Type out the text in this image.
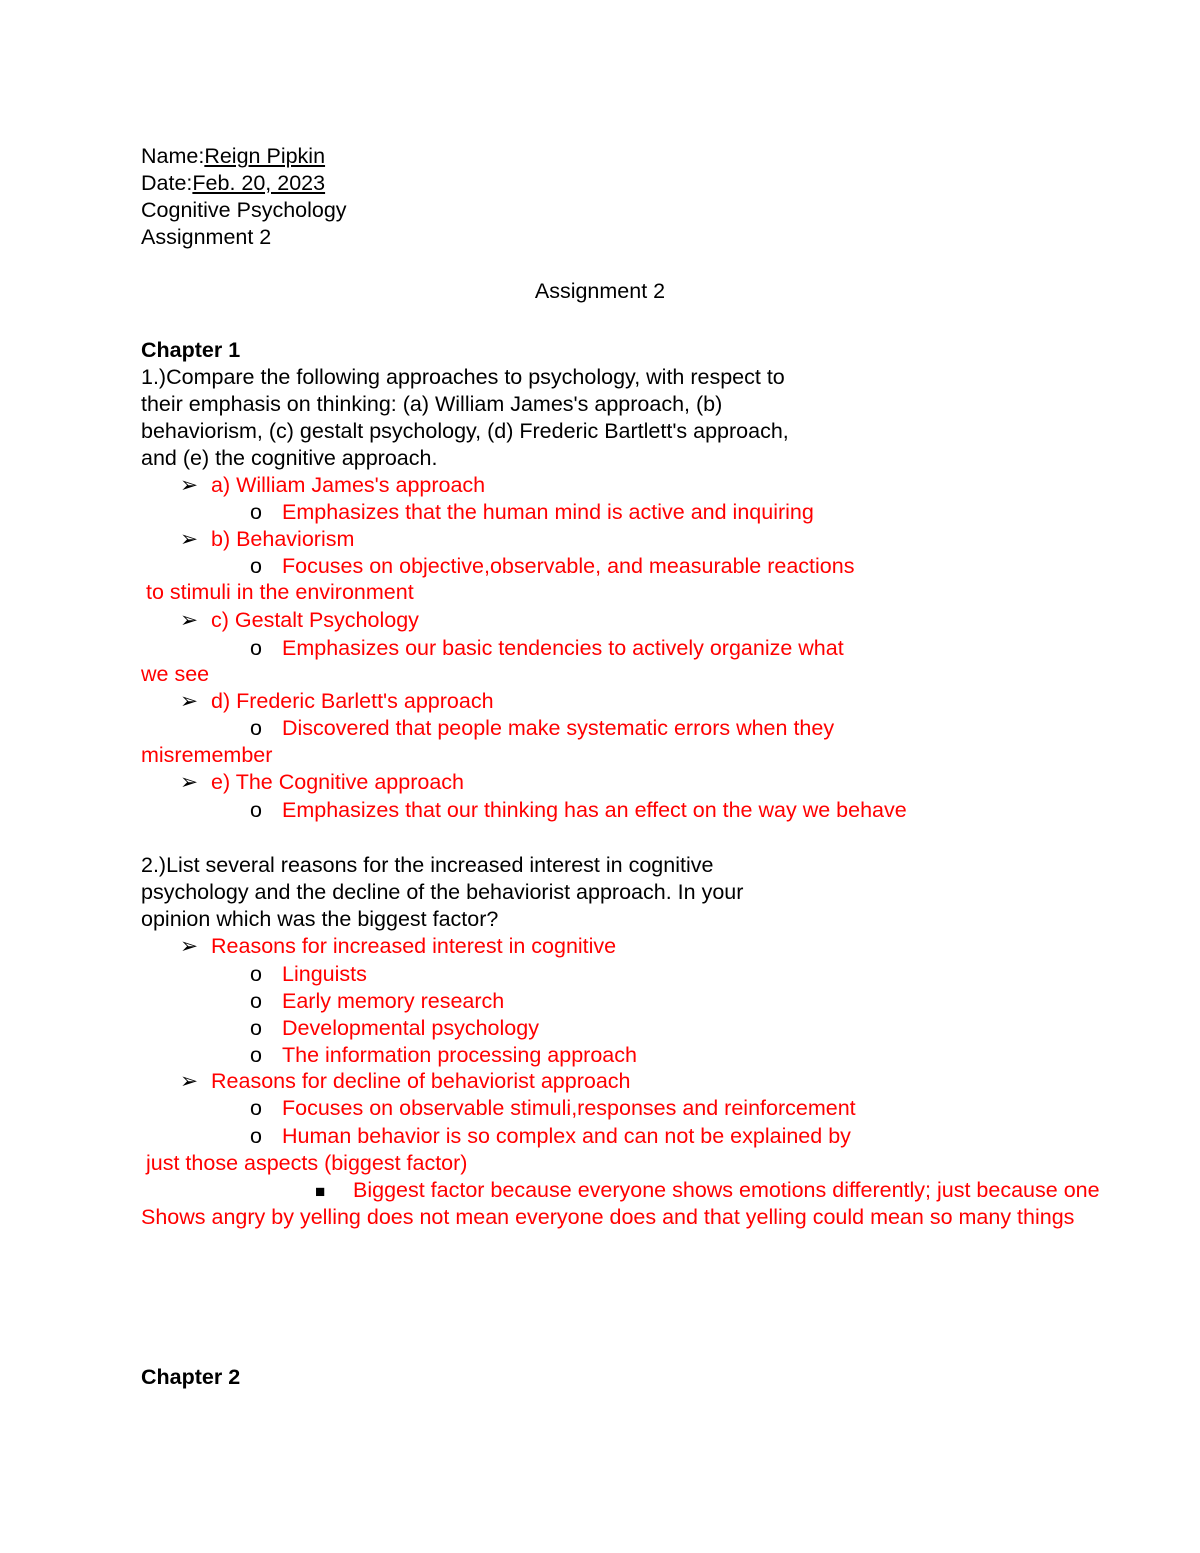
Name:Reign Pipkin
Date:Feb. 20, 2023
Cognitive Psychology
Assignment 2
Assignment 2
Chapter 1
1.)Compare the following approaches to psychology, with respect to
their emphasis on thinking: (a) William James's approach, (b)
behaviorism, (c) gestalt psychology, (d) Frederic Bartlett's approach,
and (e) the cognitive approach.
➢ a) William James's approach
o Emphasizes that the human mind is active and inquiring
➢ b) Behaviorism
o Focuses on objective,observable, and measurable reactions
to stimuli in the environment
➢ c) Gestalt Psychology
o Emphasizes our basic tendencies to actively organize what
we see
➢ d) Frederic Barlett's approach
o Discovered that people make systematic errors when they
misremember
➢ e) The Cognitive approach
o Emphasizes that our thinking has an effect on the way we behave
2.)List several reasons for the increased interest in cognitive
psychology and the decline of the behaviorist approach. In your
opinion which was the biggest factor?
➢ Reasons for increased interest in cognitive
o Linguists
o Early memory research
o Developmental psychology
o The information processing approach
➢ Reasons for decline of behaviorist approach
o Focuses on observable stimuli,responses and reinforcement
o Human behavior is so complex and can not be explained by
just those aspects (biggest factor)
■ Biggest factor because everyone shows emotions differently; just because one
Shows angry by yelling does not mean everyone does and that yelling could mean so many things
Chapter 2
